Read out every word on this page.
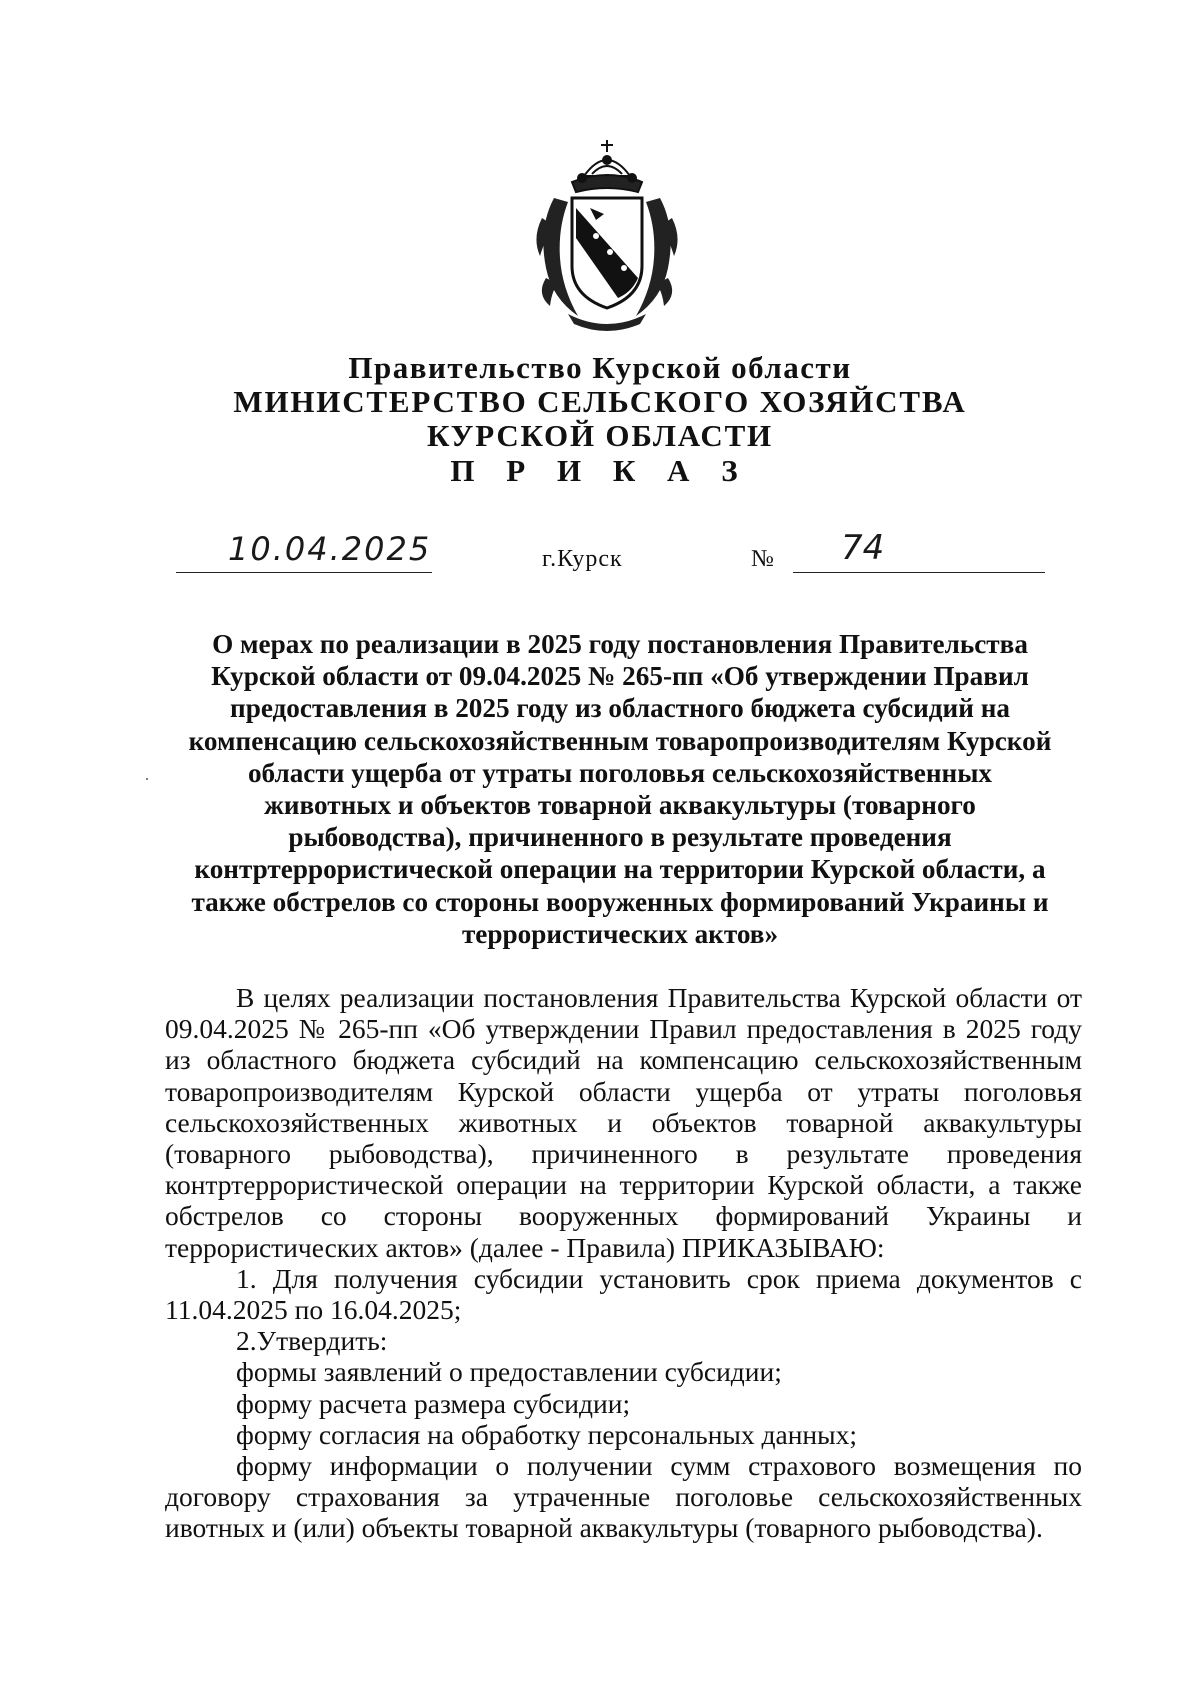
Правительство Курской области
МИНИСТЕРСТВО СЕЛЬСКОГО ХОЗЯЙСТВА
КУРСКОЙ ОБЛАСТИ
П Р И К А З
10.04.2025	г.Курск	№ 74
О мерах по реализации в 2025 году постановления Правительства
Курской области от 09.04.2025 № 265-пп «Об утверждении Правил
предоставления в 2025 году из областного бюджета субсидий на
компенсацию сельскохозяйственным товаропроизводителям Курской
области ущерба от утраты поголовья сельскохозяйственных
животных и объектов товарной аквакультуры (товарного
рыбоводства), причиненного в результате проведения
контртеррористической операции на территории Курской области, а
также обстрелов со стороны вооруженных формирований Украины и
террористических актов»

В целях реализации постановления Правительства Курской области от 09.04.2025 № 265-пп «Об утверждении Правил предоставления в 2025 году из областного бюджета субсидий на компенсацию сельскохозяйственным товаропроизводителям Курской области ущерба от утраты поголовья сельскохозяйственных животных и объектов товарной аквакультуры (товарного рыбоводства), причиненного в результате проведения контртеррористической операции на территории Курской области, а также обстрелов со стороны вооруженных формирований Украины и террористических актов» (далее - Правила) ПРИКАЗЫВАЮ:

1. Для получения субсидии установить срок приема документов с 11.04.2025 по 16.04.2025;

2.Утвердить:

формы заявлений о предоставлении субсидии;

форму расчета размера субсидии;

форму согласия на обработку персональных данных;

форму информации о получении сумм страхового возмещения по договору страхования за утраченные поголовье сельскохозяйственных ивотных и (или) объекты товарной аквакультуры (товарного рыбоводства).
